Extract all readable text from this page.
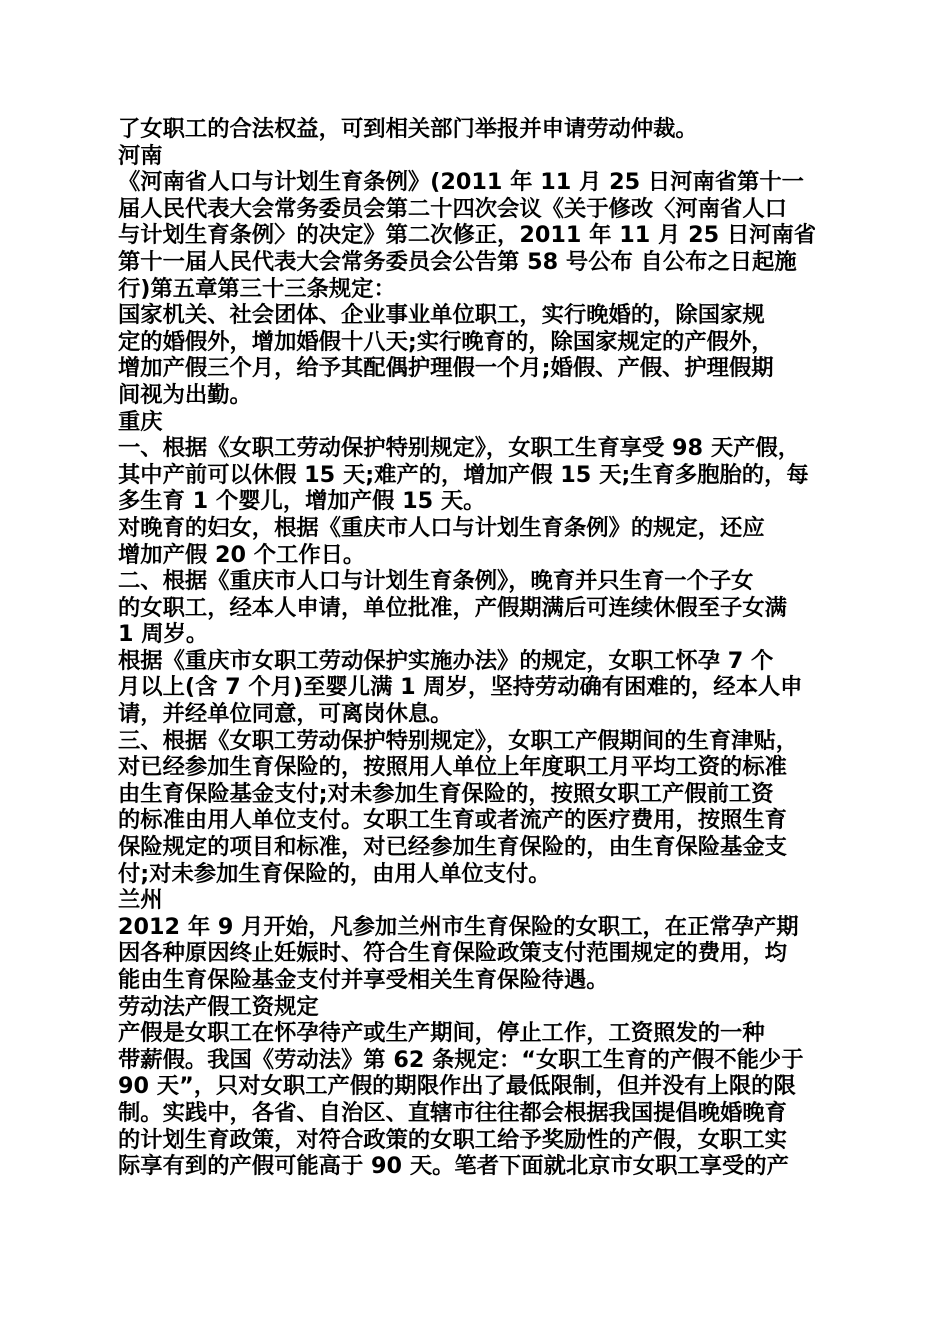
了女职工的合法权益，可到相关部门举报并申请劳动仲裁。
河南
《河南省人口与计划生育条例》(2011 年 11 月 25 日河南省第十一
届人民代表大会常务委员会第二十四次会议《关于修改〈河南省人口
与计划生育条例〉的决定》第二次修正，2011 年 11 月 25 日河南省
第十一届人民代表大会常务委员会公告第 58 号公布 自公布之日起施
行)第五章第三十三条规定：
国家机关、社会团体、企业事业单位职工，实行晚婚的，除国家规
定的婚假外，增加婚假十八天;实行晚育的，除国家规定的产假外，
增加产假三个月，给予其配偶护理假一个月;婚假、产假、护理假期
间视为出勤。
重庆
一、根据《女职工劳动保护特别规定》，女职工生育享受 98 天产假，
其中产前可以休假 15 天;难产的，增加产假 15 天;生育多胞胎的，每
多生育 1 个婴儿，增加产假 15 天。
对晚育的妇女，根据《重庆市人口与计划生育条例》的规定，还应
增加产假 20 个工作日。
二、根据《重庆市人口与计划生育条例》，晚育并只生育一个子女
的女职工，经本人申请，单位批准，产假期满后可连续休假至子女满
1 周岁。
根据《重庆市女职工劳动保护实施办法》的规定，女职工怀孕 7 个
月以上(含 7 个月)至婴儿满 1 周岁，坚持劳动确有困难的，经本人申
请，并经单位同意，可离岗休息。
三、根据《女职工劳动保护特别规定》，女职工产假期间的生育津贴，
对已经参加生育保险的，按照用人单位上年度职工月平均工资的标准
由生育保险基金支付;对未参加生育保险的，按照女职工产假前工资
的标准由用人单位支付。女职工生育或者流产的医疗费用，按照生育
保险规定的项目和标准，对已经参加生育保险的，由生育保险基金支
付;对未参加生育保险的，由用人单位支付。
兰州
2012 年 9 月开始，凡参加兰州市生育保险的女职工，在正常孕产期
因各种原因终止妊娠时、符合生育保险政策支付范围规定的费用，均
能由生育保险基金支付并享受相关生育保险待遇。
劳动法产假工资规定
产假是女职工在怀孕待产或生产期间，停止工作，工资照发的一种
带薪假。我国《劳动法》第 62 条规定：“女职工生育的产假不能少于
90 天”，只对女职工产假的期限作出了最低限制，但并没有上限的限
制。实践中，各省、自治区、直辖市往往都会根据我国提倡晚婚晚育
的计划生育政策，对符合政策的女职工给予奖励性的产假，女职工实
际享有到的产假可能高于 90 天。笔者下面就北京市女职工享受的产
